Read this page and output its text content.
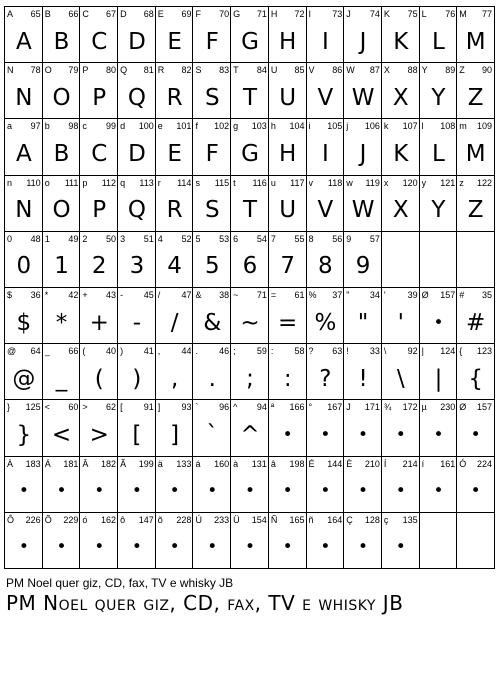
A 65
A
B 66
B
C 67
C
D 68
D
E 69
E
F 70
F
G 71
G
H 72
H
I 73
I
J 74
J
K 75
K
L 76
L
M 77
M
N 78
N
O 79
O
P 80
P
Q 81
Q
R 82
R
S 83
S
T 84
T
U 85
U
V 86
V
W 87
W
X 88
X
Y 89
Y
Z 90
Z
a 97
A
b 98
B
c 99
C
d 100
D
e 101
E
f 102
F
g 103
G
h 104
H
i 105
I
j 106
J
k 107
K
l 108
L
m 109
M
n 110
N
o 111
O
p 112
P
q 113
Q
r 114
R
s 115
S
t 116
T
u 117
U
v 118
V
w 119
W
x 120
X
y 121
Y
z 122
Z
0 48
0
1 49
1
2 50
2
3 51
3
4 52
4
5 53
5
6 54
6
7 55
7
8 56
8
9 57
9
$ 36
$
* 42
*
+ 43
+
- 45
-
/ 47
/
& 38
&
~ 71
~
= 61
=
% 37
%
" 34
"
' 39
'
Ø 157
•
# 35
#
@ 64
@
_ 66
_
( 40
(
) 41
)
, 44
,
. 46
.
; 59
;
: 58
:
? 63
?
! 33
!
\ 92
\
| 124
|
{ 123
{
} 125
}
< 60
<
> 62
>
[ 91
[
] 93
]
` 96
`
^ 94
^
ª 166
•
° 167
•
J 171
•
¾ 172
•
µ 230
•
Ø 157
•
À 183
•
Á 181
•
Â 182
•
Ã 199
•
ä 133
•
á 160
•
à 131
•
â 198
•
É 144
•
È 210
•
Í 214
•
í 161
•
Ó 224
•
Ô 226
•
Õ 229
•
ó 162
•
ô 147
•
õ 228
•
Ú 233
•
Ü 154
•
Ñ 165
•
ñ 164
•
Ç 128
•
ç 135
•
PM Noel quer giz, CD, fax, TV e whisky JB
PM Noel quer giz, CD, fax, TV e whisky JB
